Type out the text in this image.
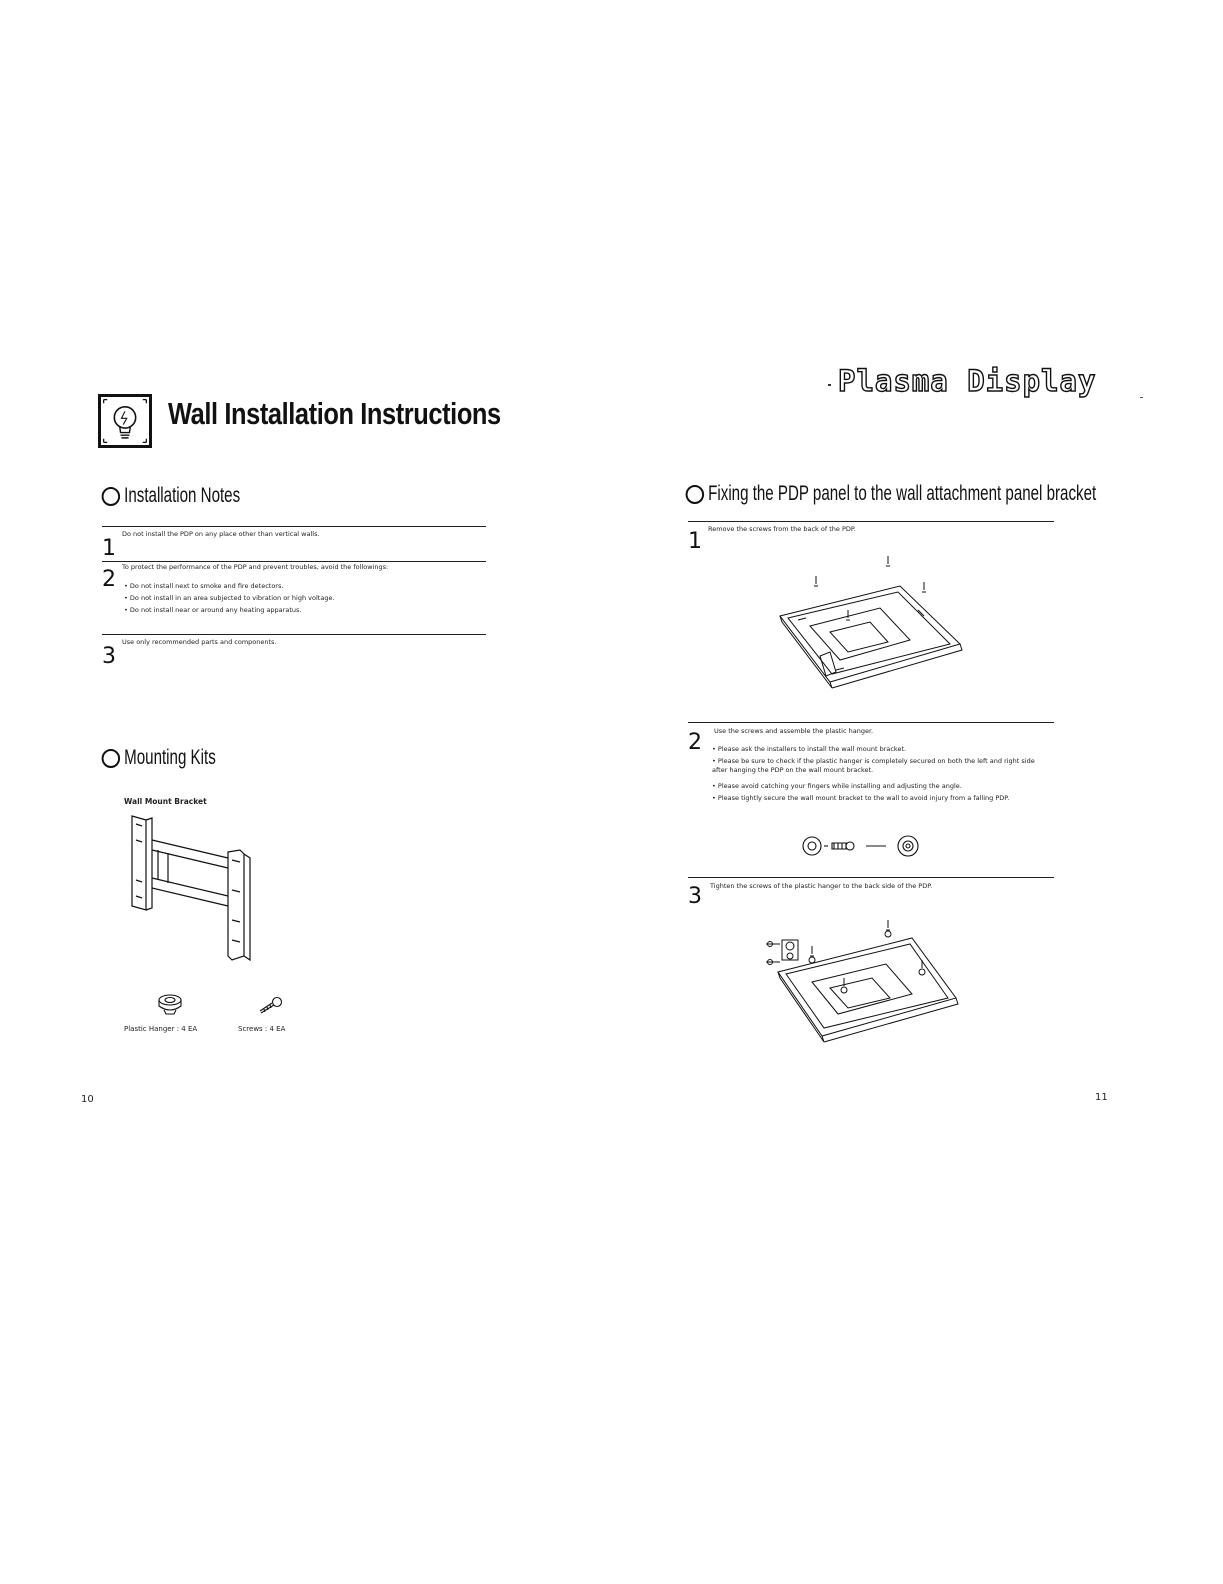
Plasma Display
Wall Installation Instructions
Installation Notes
1
Do not install the PDP on any place other than vertical walls.
2 To protect the performance of the PDP and prevent troubles, avoid the followings:
• Do not install next to smoke and fire detectors.
• Do not install in an area subjected to vibration or high voltage.
• Do not install near or around any heating apparatus.
3
Use only recommended parts and components.
Mounting Kits
Wall Mount Bracket
Plastic Hanger : 4 EA	Screws : 4 EA
10
Fixing the PDP panel to the wall attachment panel bracket
1 Remove the screws from the back of the PDP.
2 Use the screws and assemble the plastic hanger.
• Please ask the installers to install the wall mount bracket.
• Please be sure to check if the plastic hanger is completely secured on both the left and right side after hanging the PDP on the wall mount bracket.
• Please avoid catching your fingers while installing and adjusting the angle.
• Please tightly secure the wall mount bracket to the wall to avoid injury from a falling PDP.
3 Tighten the screws of the plastic hanger to the back side of the PDP.
11
